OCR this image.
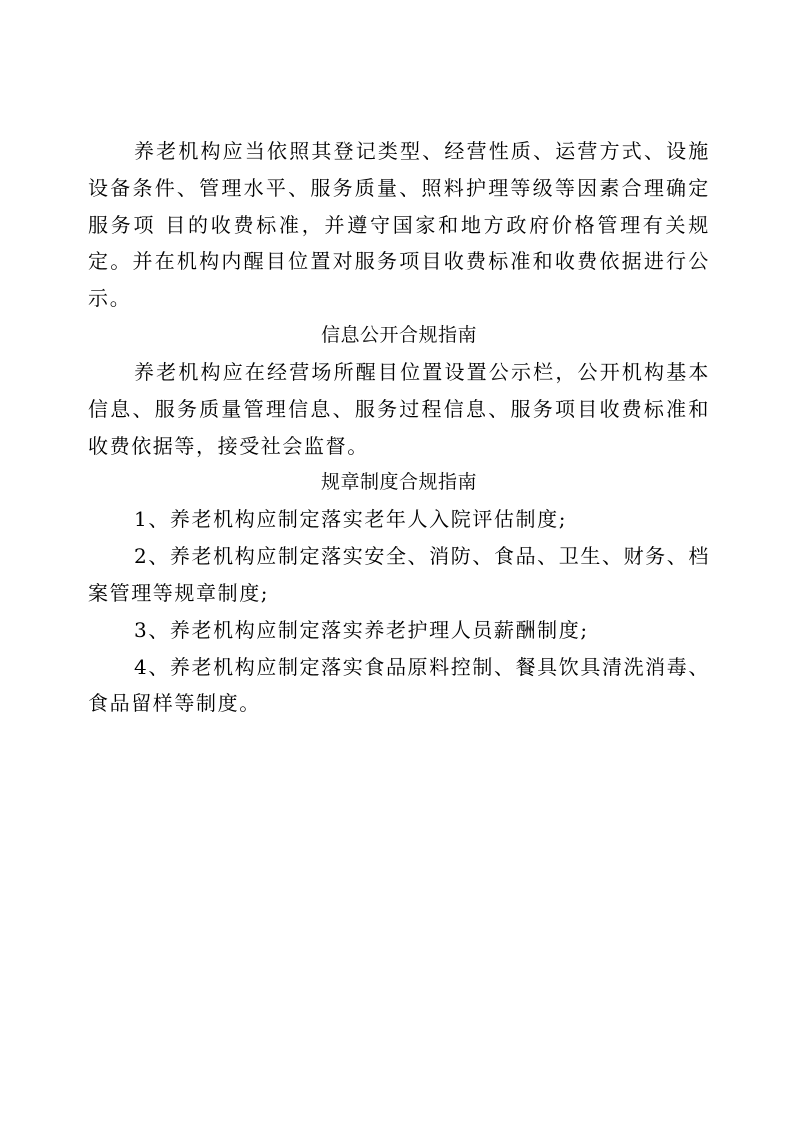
养老机构应当依照其登记类型、经营性质、运营方式、设施设备条件、管理水平、服务质量、照料护理等级等因素合理确定服务项 目的收费标准，并遵守国家和地方政府价格管理有关规定。并在机构内醒目位置对服务项目收费标准和收费依据进行公示。

信息公开合规指南

养老机构应在经营场所醒目位置设置公示栏，公开机构基本信息、服务质量管理信息、服务过程信息、服务项目收费标准和收费依据等，接受社会监督。

规章制度合规指南

1、养老机构应制定落实老年人入院评估制度;

2、养老机构应制定落实安全、消防、食品、卫生、财务、档案管理等规章制度;

3、养老机构应制定落实养老护理人员薪酬制度;

4、养老机构应制定落实食品原料控制、餐具饮具清洗消毒、食品留样等制度。
